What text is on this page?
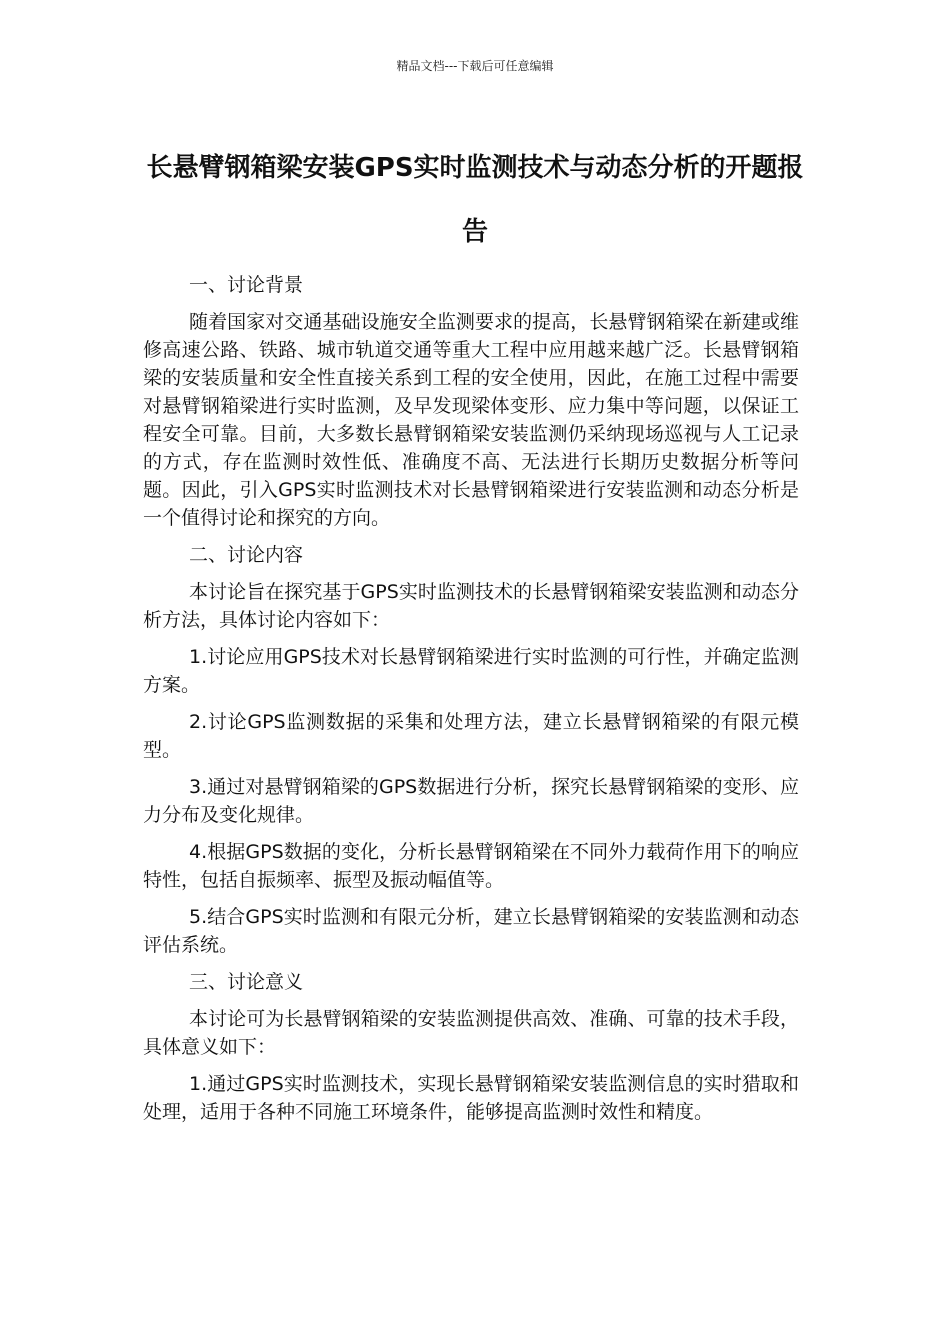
精品文档---下载后可任意编辑
长悬臂钢箱梁安装GPS实时监测技术与动态分析的开题报告

一、讨论背景

随着国家对交通基础设施安全监测要求的提高，长悬臂钢箱梁在新建或维修高速公路、铁路、城市轨道交通等重大工程中应用越来越广泛。长悬臂钢箱梁的安装质量和安全性直接关系到工程的安全使用，因此，在施工过程中需要对悬臂钢箱梁进行实时监测，及早发现梁体变形、应力集中等问题，以保证工程安全可靠。目前，大多数长悬臂钢箱梁安装监测仍采纳现场巡视与人工记录的方式，存在监测时效性低、准确度不高、无法进行长期历史数据分析等问题。因此，引入GPS实时监测技术对长悬臂钢箱梁进行安装监测和动态分析是一个值得讨论和探究的方向。

二、讨论内容

本讨论旨在探究基于GPS实时监测技术的长悬臂钢箱梁安装监测和动态分析方法，具体讨论内容如下：

1.讨论应用GPS技术对长悬臂钢箱梁进行实时监测的可行性，并确定监测方案。

2.讨论GPS监测数据的采集和处理方法，建立长悬臂钢箱梁的有限元模型。

3.通过对悬臂钢箱梁的GPS数据进行分析，探究长悬臂钢箱梁的变形、应力分布及变化规律。

4.根据GPS数据的变化，分析长悬臂钢箱梁在不同外力载荷作用下的响应特性，包括自振频率、振型及振动幅值等。

5.结合GPS实时监测和有限元分析，建立长悬臂钢箱梁的安装监测和动态评估系统。

三、讨论意义

本讨论可为长悬臂钢箱梁的安装监测提供高效、准确、可靠的技术手段，具体意义如下：

1.通过GPS实时监测技术，实现长悬臂钢箱梁安装监测信息的实时猎取和处理，适用于各种不同施工环境条件，能够提高监测时效性和精度。
